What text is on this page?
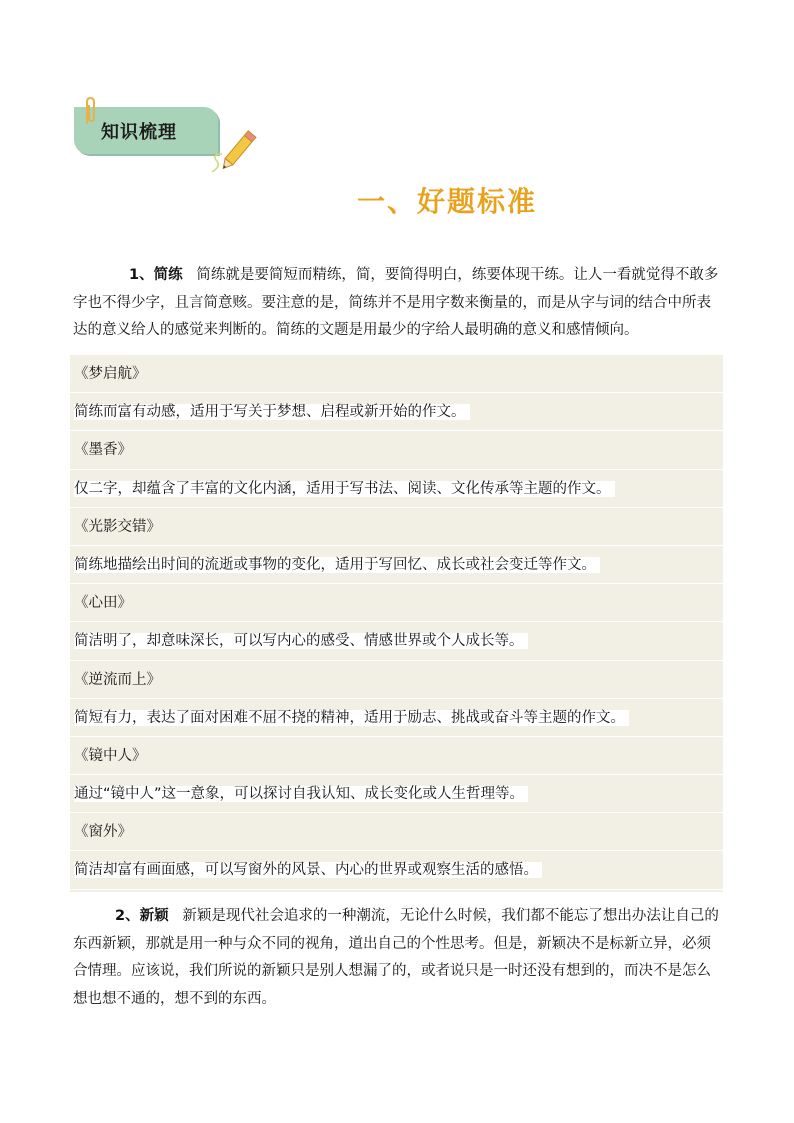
知识梳理
一、好题标准
1、简练 简练就是要简短而精练，简，要简得明白，练要体现干练。让人一看就觉得不敢多字也不得少字，且言简意赅。要注意的是，简练并不是用字数来衡量的，而是从字与词的结合中所表达的意义给人的感觉来判断的。简练的文题是用最少的字给人最明确的意义和感情倾向。
《梦启航》
简练而富有动感，适用于写关于梦想、启程或新开始的作文。
《墨香》
仅二字，却蕴含了丰富的文化内涵，适用于写书法、阅读、文化传承等主题的作文。
《光影交错》
简练地描绘出时间的流逝或事物的变化，适用于写回忆、成长或社会变迁等作文。
《心田》
简洁明了，却意味深长，可以写内心的感受、情感世界或个人成长等。
《逆流而上》
简短有力，表达了面对困难不屈不挠的精神，适用于励志、挑战或奋斗等主题的作文。
《镜中人》
通过“镜中人”这一意象，可以探讨自我认知、成长变化或人生哲理等。
《窗外》
简洁却富有画面感，可以写窗外的风景、内心的世界或观察生活的感悟。
2、新颖 新颖是现代社会追求的一种潮流，无论什么时候，我们都不能忘了想出办法让自己的东西新颖，那就是用一种与众不同的视角，道出自己的个性思考。但是，新颖决不是标新立异，必须合情理。应该说，我们所说的新颖只是别人想漏了的，或者说只是一时还没有想到的，而决不是怎么想也想不通的，想不到的东西。
